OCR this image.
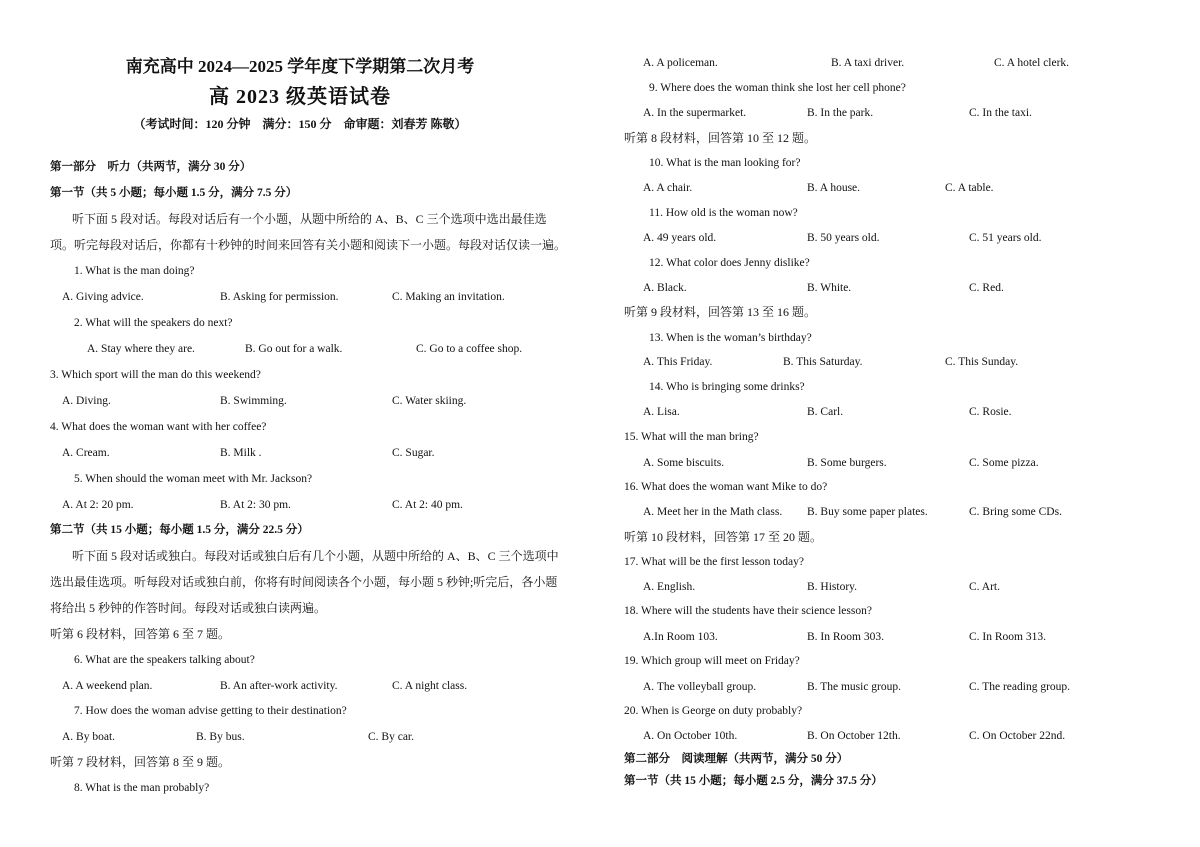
南充高中 2024—2025 学年度下学期第二次月考
高 2023 级英语试卷
（考试时间：120 分钟　满分：150 分　命审题：刘春芳 陈敬）
第一部分　听力（共两节，满分 30 分）
第一节（共 5 小题；每小题 1.5 分，满分 7.5 分）
听下面 5 段对话。每段对话后有一个小题，从题中所给的 A、B、C 三个选项中选出最佳选
项。听完每段对话后，你都有十秒钟的时间来回答有关小题和阅读下一小题。每段对话仅读一遍。
1. What is the man doing?
A. Giving advice.	B. Asking for permission.	C. Making an invitation.
2. What will the speakers do next?
A. Stay where they are.	B. Go out for a walk.	C. Go to a coffee shop.
3. Which sport will the man do this weekend?
A. Diving.	B. Swimming.	C. Water skiing.
4. What does the woman want with her coffee?
A. Cream.	B. Milk .	C. Sugar.
5. When should the woman meet with Mr. Jackson?
A. At 2: 20 pm.	B. At 2: 30 pm.	C. At 2: 40 pm.
第二节（共 15 小题；每小题 1.5 分，满分 22.5 分）
听下面 5 段对话或独白。每段对话或独白后有几个小题，从题中所给的 A、B、C 三个选项中
选出最佳选项。听每段对话或独白前，你将有时间阅读各个小题，每小题 5 秒钟;听完后，各小题
将给出 5 秒钟的作答时间。每段对话或独白读两遍。
听第 6 段材料，回答第 6 至 7 题。
6. What are the speakers talking about?
A. A weekend plan.	B. An after-work activity.	C. A night class.
7. How does the woman advise getting to their destination?
A. By boat.	B. By bus.	C. By car.
听第 7 段材料，回答第 8 至 9 题。
8. What is the man probably?
A. A policeman.	B. A taxi driver.	C. A hotel clerk.
9. Where does the woman think she lost her cell phone?
A. In the supermarket.	B. In the park.	C. In the taxi.
听第 8 段材料，回答第 10 至 12 题。
10. What is the man looking for?
A. A chair.	B. A house.	C. A table.
11. How old is the woman now?
A. 49 years old.	B. 50 years old.	C. 51 years old.
12. What color does Jenny dislike?
A. Black.	B. White.	C. Red.
听第 9 段材料，回答第 13 至 16 题。
13. When is the woman’s birthday?
A. This Friday.	B. This Saturday.	C. This Sunday.
14. Who is bringing some drinks?
A. Lisa.	B. Carl.	C. Rosie.
15. What will the man bring?
A. Some biscuits.	B. Some burgers.	C. Some pizza.
16. What does the woman want Mike to do?
A. Meet her in the Math class. B. Buy some paper plates.	C. Bring some CDs.
听第 10 段材料，回答第 17 至 20 题。
17. What will be the first lesson today?
A. English.	B. History.	C. Art.
18. Where will the students have their science lesson?
A.In Room 103.	B. In Room 303.	C. In Room 313.
19. Which group will meet on Friday?
A. The volleyball group.	B. The music group.	C. The reading group.
20. When is George on duty probably?
A. On October 10th.	B. On October 12th.	C. On October 22nd.
第二部分　阅读理解（共两节，满分 50 分）
第一节（共 15 小题；每小题 2.5 分，满分 37.5 分）
